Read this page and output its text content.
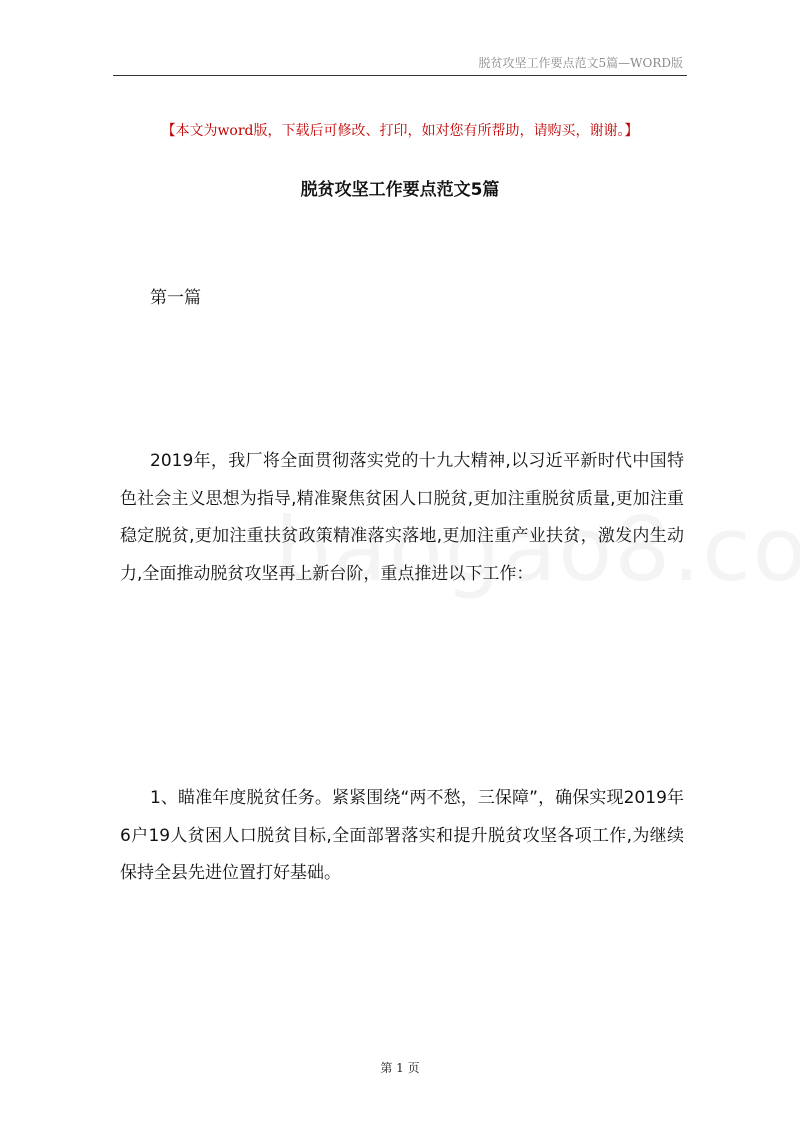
脱贫攻坚工作要点范文5篇—WORD版
【本文为word版，下载后可修改、打印，如对您有所帮助，请购买，谢谢。】
脱贫攻坚工作要点范文5篇
第一篇
2019年，我厂将全面贯彻落实党的十九大精神,以习近平新时代中国特色社会主义思想为指导,精准聚焦贫困人口脱贫,更加注重脱贫质量,更加注重稳定脱贫,更加注重扶贫政策精准落实落地,更加注重产业扶贫，激发内生动力,全面推动脱贫攻坚再上新台阶，重点推进以下工作：
1、瞄准年度脱贫任务。紧紧围绕“两不愁，三保障”，确保实现2019年6户19人贫困人口脱贫目标,全面部署落实和提升脱贫攻坚各项工作,为继续保持全县先进位置打好基础。
第 1 页
